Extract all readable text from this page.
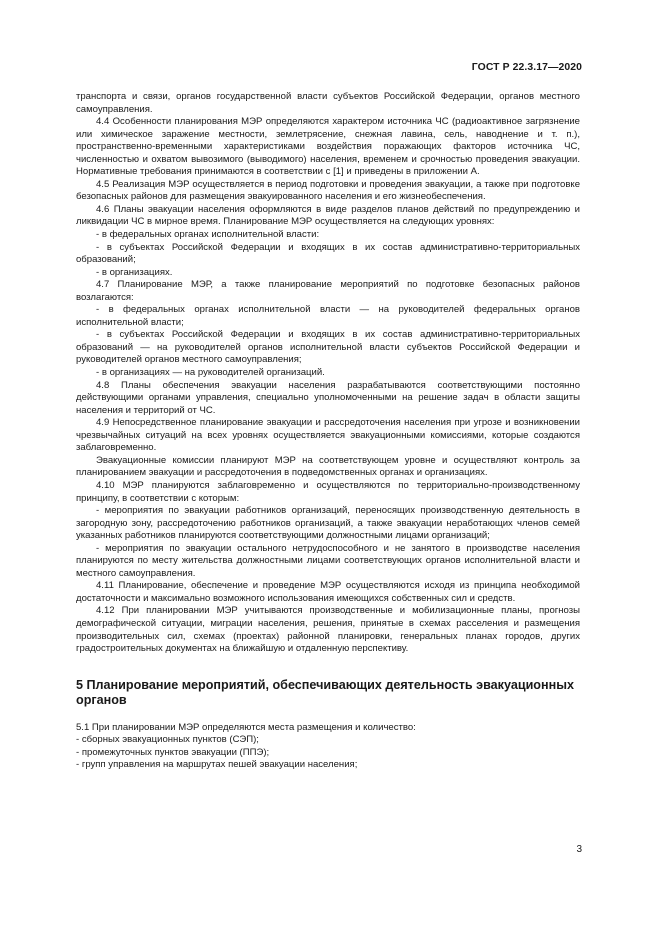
ГОСТ Р 22.3.17—2020

транспорта и связи, органов государственной власти субъектов Российской Федерации, органов местного самоуправления.

4.4 Особенности планирования МЭР определяются характером источника ЧС (радиоактивное загрязнение или химическое заражение местности, землетрясение, снежная лавина, сель, наводнение и т. п.), пространственно-временными характеристиками воздействия поражающих факторов источника ЧС, численностью и охватом вывозимого (выводимого) населения, временем и срочностью проведения эвакуации. Нормативные требования принимаются в соответствии с [1] и приведены в приложении А.

4.5 Реализация МЭР осуществляется в период подготовки и проведения эвакуации, а также при подготовке безопасных районов для размещения эвакуированного населения и его жизнеобеспечения.

4.6 Планы эвакуации населения оформляются в виде разделов планов действий по предупреждению и ликвидации ЧС в мирное время. Планирование МЭР осуществляется на следующих уровнях:

- в федеральных органах исполнительной власти:

- в субъектах Российской Федерации и входящих в их состав административно-территориальных образований;

- в организациях.

4.7 Планирование МЭР, а также планирование мероприятий по подготовке безопасных районов возлагаются:

- в федеральных органах исполнительной власти — на руководителей федеральных органов исполнительной власти;

- в субъектах Российской Федерации и входящих в их состав административно-территориальных образований — на руководителей органов исполнительной власти субъектов Российской Федерации и руководителей органов местного самоуправления;

- в организациях — на руководителей организаций.

4.8 Планы обеспечения эвакуации населения разрабатываются соответствующими постоянно действующими органами управления, специально уполномоченными на решение задач в области защиты населения и территорий от ЧС.

4.9 Непосредственное планирование эвакуации и рассредоточения населения при угрозе и возникновении чрезвычайных ситуаций на всех уровнях осуществляется эвакуационными комиссиями, которые создаются заблаговременно.

Эвакуационные комиссии планируют МЭР на соответствующем уровне и осуществляют контроль за планированием эвакуации и рассредоточения в подведомственных органах и организациях.

4.10 МЭР планируются заблаговременно и осуществляются по территориально-производственному принципу, в соответствии с которым:

- мероприятия по эвакуации работников организаций, переносящих производственную деятельность в загородную зону, рассредоточению работников организаций, а также эвакуации неработающих членов семей указанных работников планируются соответствующими должностными лицами организаций;

- мероприятия по эвакуации остального нетрудоспособного и не занятого в производстве населения планируются по месту жительства должностными лицами соответствующих органов исполнительной власти и местного самоуправления.

4.11 Планирование, обеспечение и проведение МЭР осуществляются исходя из принципа необходимой достаточности и максимально возможного использования имеющихся собственных сил и средств.

4.12 При планировании МЭР учитываются производственные и мобилизационные планы, прогнозы демографической ситуации, миграции населения, решения, принятые в схемах расселения и размещения производительных сил, схемах (проектах) районной планировки, генеральных планах городов, других градостроительных документах на ближайшую и отдаленную перспективу.

5 Планирование мероприятий, обеспечивающих деятельность эвакуационных органов

5.1 При планировании МЭР определяются места размещения и количество:

- сборных эвакуационных пунктов (СЭП);

- промежуточных пунктов эвакуации (ППЭ);

- групп управления на маршрутах пешей эвакуации населения;

3
